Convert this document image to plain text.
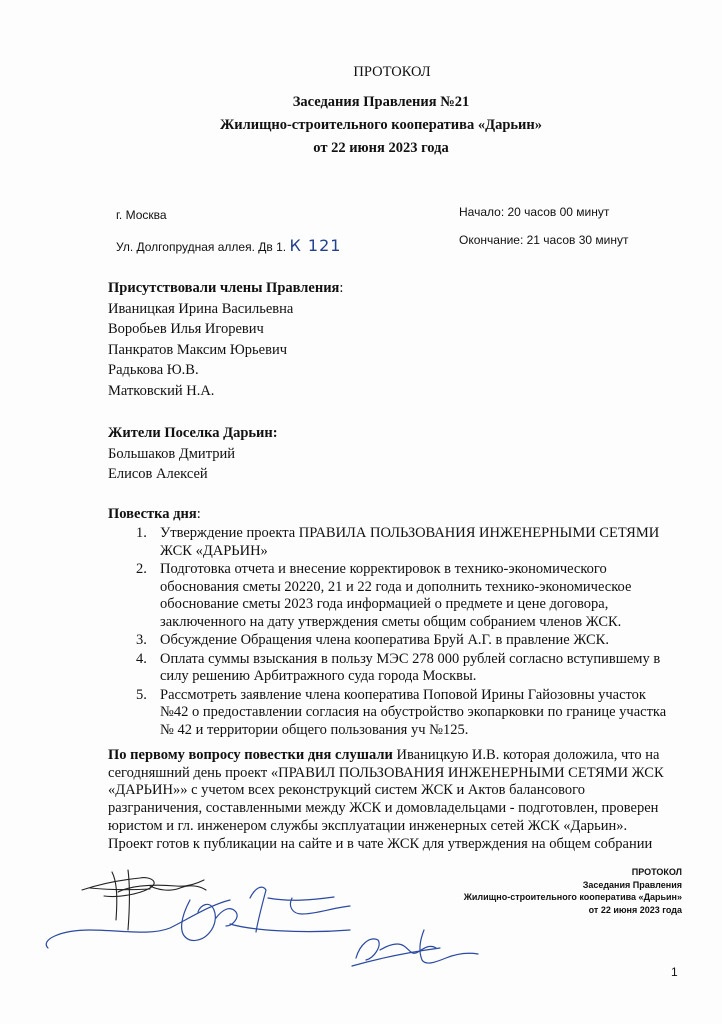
ПРОТОКОЛ
Заседания Правления №21
Жилищно-строительного кооператива «Дарьин»
от 22 июня 2023 года
г. Москва
Ул. Долгопрудная аллея. Дв 1. К 121
Начало: 20 часов 00 минут
Окончание: 21 часов 30 минут
Присутствовали члены Правления:
Иваницкая Ирина Васильевна
Воробьев Илья Игоревич
Панкратов Максим Юрьевич
Радькова Ю.В.
Матковский Н.А.
Жители Поселка Дарьин:
Большаков Дмитрий
Елисов Алексей
Повестка дня:
1. Утверждение проекта ПРАВИЛА ПОЛЬЗОВАНИЯ ИНЖЕНЕРНЫМИ СЕТЯМИ
ЖСК «ДАРЬИН»
2. Подготовка отчета и внесение корректировок в технико-экономического
обоснования сметы 20220, 21 и 22 года и дополнить технико-экономическое
обоснование сметы 2023 года информацией о предмете и цене договора,
заключенного на дату утверждения сметы общим собранием членов ЖСК.
3. Обсуждение Обращения члена кооператива Бруй А.Г. в правление ЖСК.
4. Оплата суммы взыскания в пользу МЭС 278 000 рублей согласно вступившему в
силу решению Арбитражного суда города Москвы.
5. Рассмотреть заявление члена кооператива Поповой Ирины Гайозовны участок
№42 о предоставлении согласия на обустройство экопарковки по границе участка
№ 42 и территории общего пользования уч №125.
По первому вопросу повестки дня слушали Иваницкую И.В. которая доложила, что на
сегодняшний день проект «ПРАВИЛ ПОЛЬЗОВАНИЯ ИНЖЕНЕРНЫМИ СЕТЯМИ ЖСК
«ДАРЬИН»» с учетом всех реконструкций систем ЖСК и Актов балансового
разграничения, составленными между ЖСК и домовладельцами - подготовлен, проверен
юристом и гл. инженером службы эксплуатации инженерных сетей ЖСК «Дарьин».
Проект готов к публикации на сайте и в чате ЖСК для утверждения на общем собрании
ПРОТОКОЛ
Заседания Правления
Жилищно-строительного кооператива «Дарьин»
от 22 июня 2023 года
1
